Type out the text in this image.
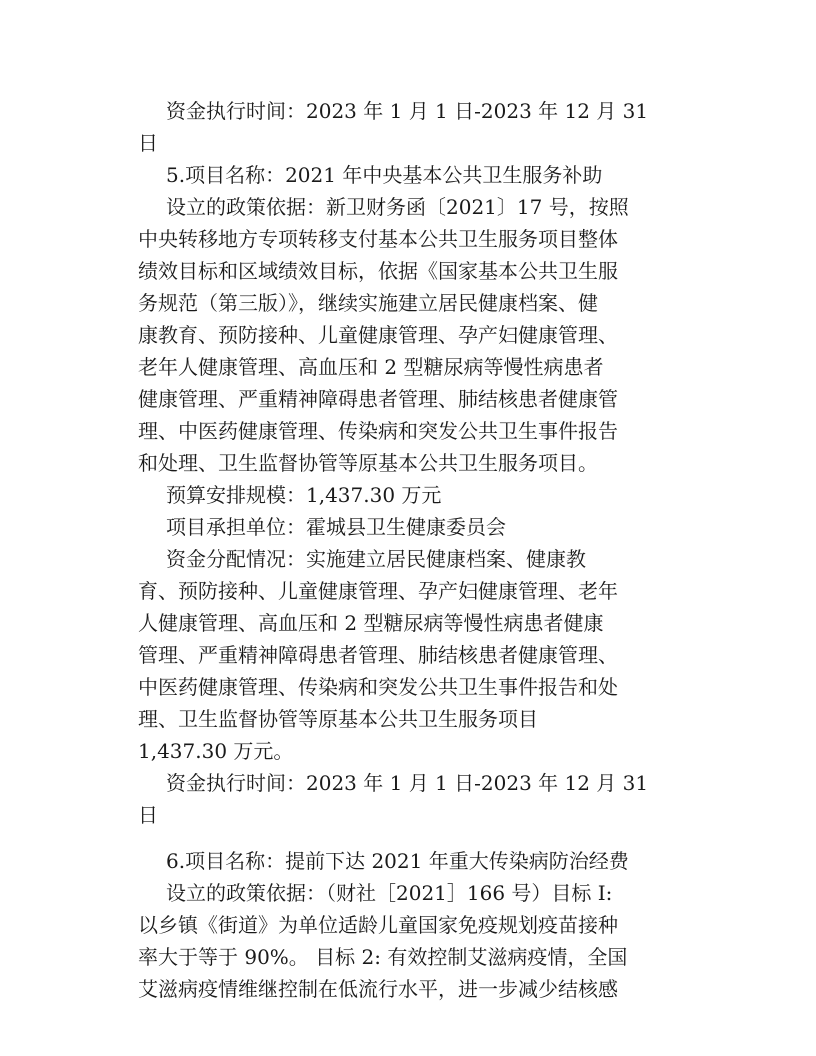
资金执行时间：2023 年 1 月 1 日-2023 年 12 月 31
日
5.项目名称：2021 年中央基本公共卫生服务补助
设立的政策依据：新卫财务函〔2021〕17 号，按照
中央转移地方专项转移支付基本公共卫生服务项目整体
绩效目标和区域绩效目标，依据《国家基本公共卫生服
务规范（第三版）》，继续实施建立居民健康档案、健
康教育、预防接种、儿童健康管理、孕产妇健康管理、
老年人健康管理、高血压和 2 型糖尿病等慢性病患者
健康管理、严重精神障碍患者管理、肺结核患者健康管
理、中医药健康管理、传染病和突发公共卫生事件报告
和处理、卫生监督协管等原基本公共卫生服务项目。
预算安排规模：1,437.30 万元
项目承担单位：霍城县卫生健康委员会
资金分配情况：实施建立居民健康档案、健康教
育、预防接种、儿童健康管理、孕产妇健康管理、老年
人健康管理、高血压和 2 型糖尿病等慢性病患者健康
管理、严重精神障碍患者管理、肺结核患者健康管理、
中医药健康管理、传染病和突发公共卫生事件报告和处
理、卫生监督协管等原基本公共卫生服务项目
1,437.30 万元。
资金执行时间：2023 年 1 月 1 日-2023 年 12 月 31
日
6.项目名称：提前下达 2021 年重大传染病防治经费
设立的政策依据：（财社［2021］166 号）目标 I:
以乡镇《街道》为单位适龄儿童国家免疫规划疫苗接种
率大于等于 90%。 目标 2: 有效控制艾滋病疫情，全国
艾滋病疫情维继控制在低流行水平，进一步减少结核感
